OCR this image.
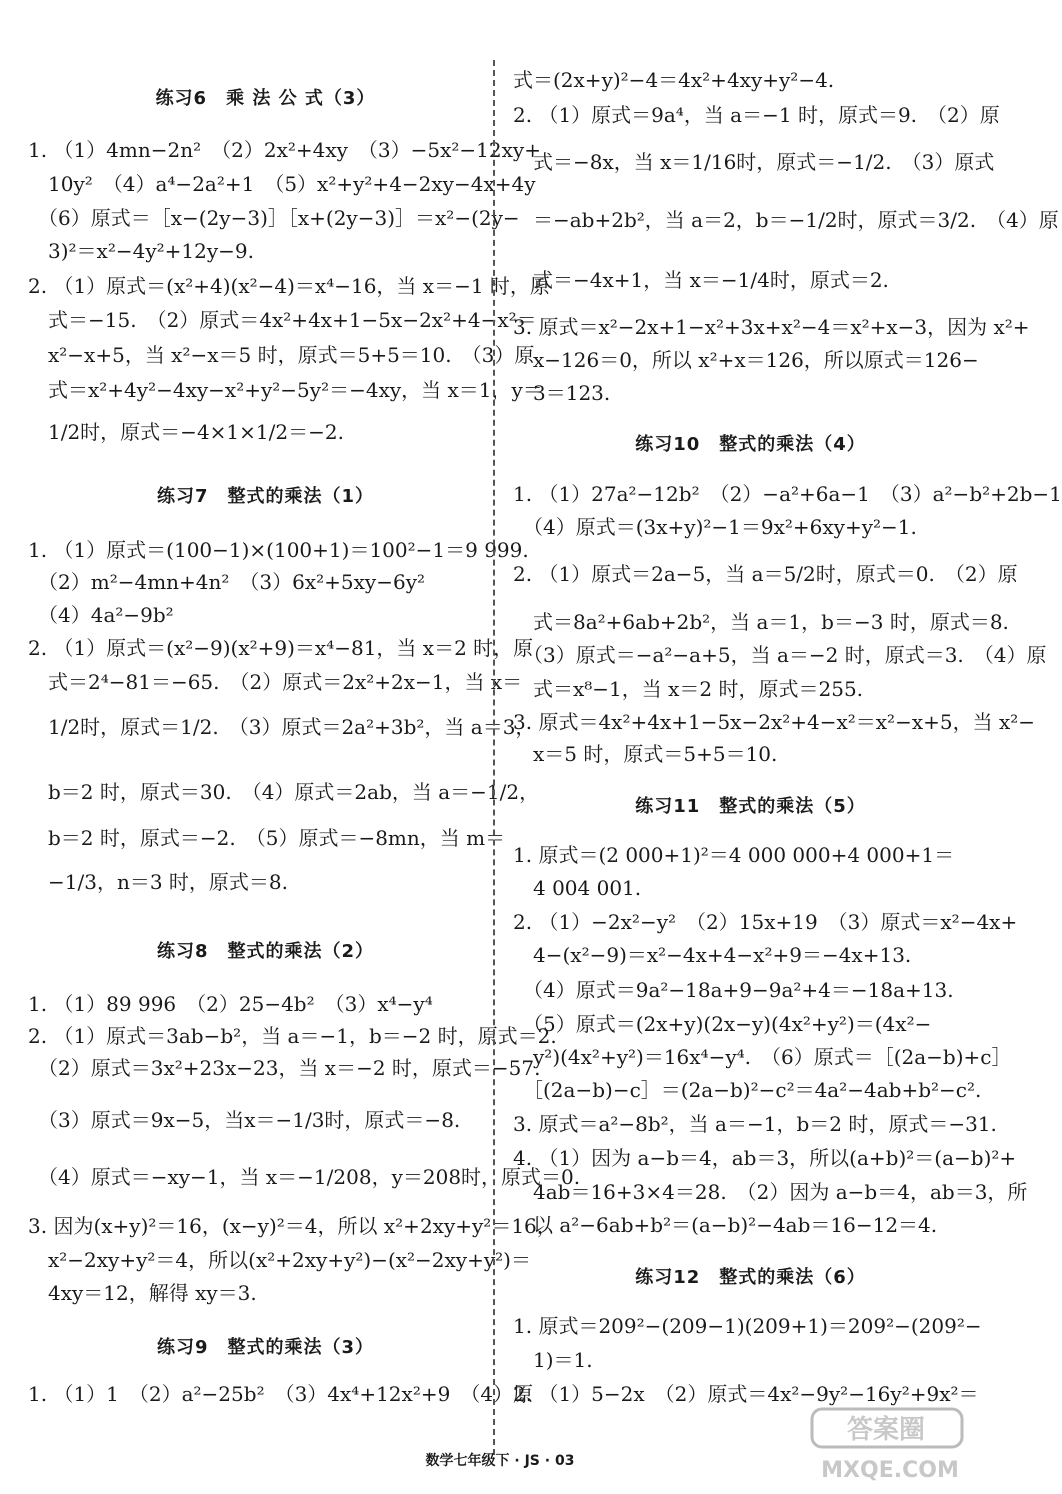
练习6　乘 法 公 式（3）
1. （1）4mn−2n²　（2）2x²+4xy　（3）−5x²−12xy+
　10y²　（4）a⁴−2a²+1　（5）x²+y²+4−2xy−4x+4y
　（6）原式＝［x−(2y−3)］［x+(2y−3)］＝x²−(2y−
　3)²＝x²−4y²+12y−9.
2. （1）原式＝(x²+4)(x²−4)＝x⁴−16，当 x＝−1 时，原
　式＝−15.　（2）原式＝4x²+4x+1−5x−2x²+4−x²＝
　x²−x+5，当 x²−x＝5 时，原式＝5+5＝10.　（3）原
　式＝x²+4y²−4xy−x²+y²−5y²＝−4xy，当 x＝1，y＝
　1/2时，原式＝−4×1×1/2＝−2.
练习7　整式的乘法（1）
1. （1）原式＝(100−1)×(100+1)＝100²−1＝9 999.
　（2）m²−4mn+4n²　（3）6x²+5xy−6y²
　（4）4a²−9b²
2. （1）原式＝(x²−9)(x²+9)＝x⁴−81，当 x＝2 时，原
　式＝2⁴−81＝−65.　（2）原式＝2x²+2x−1，当 x＝
　1/2时，原式＝1/2.　（3）原式＝2a²+3b²，当 a＝3，
　b＝2 时，原式＝30.　（4）原式＝2ab，当 a＝−1/2，
　b＝2 时，原式＝−2.　（5）原式＝−8mn，当 m＝
　−1/3，n＝3 时，原式＝8.
练习8　整式的乘法（2）
1. （1）89 996　（2）25−4b²　（3）x⁴−y⁴
2. （1）原式＝3ab−b²，当 a＝−1，b＝−2 时，原式＝2.
　（2）原式＝3x²+23x−23，当 x＝−2 时，原式＝−57.
　（3）原式＝9x−5，当x＝−1/3时，原式＝−8.
　（4）原式＝−xy−1，当 x＝−1/208，y＝208时，原式＝0.
3. 因为(x+y)²＝16，(x−y)²＝4，所以 x²+2xy+y²＝16，
　x²−2xy+y²＝4，所以(x²+2xy+y²)−(x²−2xy+y²)＝
　4xy＝12，解得 xy＝3.
练习9　整式的乘法（3）
1. （1）1　（2）a²−25b²　（3）4x⁴+12x²+9　（4）原
式＝(2x+y)²−4＝4x²+4xy+y²−4.
2. （1）原式＝9a⁴，当 a＝−1 时，原式＝9.　（2）原
　式＝−8x，当 x＝1/16时，原式＝−1/2.　（3）原式
　＝−ab+2b²，当 a＝2，b＝−1/2时，原式＝3/2.　（4）原
　式＝−4x+1，当 x＝−1/4时，原式＝2.
3. 原式＝x²−2x+1−x²+3x+x²−4＝x²+x−3，因为 x²+
　x−126＝0，所以 x²+x＝126，所以原式＝126−
　3＝123.
练习10　整式的乘法（4）
1. （1）27a²−12b²　（2）−a²+6a−1　（3）a²−b²+2b−1
　（4）原式＝(3x+y)²−1＝9x²+6xy+y²−1.
2. （1）原式＝2a−5，当 a＝5/2时，原式＝0.　（2）原
　式＝8a²+6ab+2b²，当 a＝1，b＝−3 时，原式＝8.
　（3）原式＝−a²−a+5，当 a＝−2 时，原式＝3.　（4）原
　式＝x⁸−1，当 x＝2 时，原式＝255.
3. 原式＝4x²+4x+1−5x−2x²+4−x²＝x²−x+5，当 x²−
　x＝5 时，原式＝5+5＝10.
练习11　整式的乘法（5）
1. 原式＝(2 000+1)²＝4 000 000+4 000+1＝
　4 004 001.
2. （1）−2x²−y²　（2）15x+19　（3）原式＝x²−4x+
　4−(x²−9)＝x²−4x+4−x²+9＝−4x+13.
　（4）原式＝9a²−18a+9−9a²+4＝−18a+13.
　（5）原式＝(2x+y)(2x−y)(4x²+y²)＝(4x²−
　y²)(4x²+y²)＝16x⁴−y⁴.　（6）原式＝［(2a−b)+c］
　［(2a−b)−c］＝(2a−b)²−c²＝4a²−4ab+b²−c².
3. 原式＝a²−8b²，当 a＝−1，b＝2 时，原式＝−31.
4. （1）因为 a−b＝4，ab＝3，所以(a+b)²＝(a−b)²+
　4ab＝16+3×4＝28.　（2）因为 a−b＝4，ab＝3，所
　以 a²−6ab+b²＝(a−b)²−4ab＝16−12＝4.
练习12　整式的乘法（6）
1. 原式＝209²−(209−1)(209+1)＝209²−(209²−
　1)＝1.
2. （1）5−2x　（2）原式＝4x²−9y²−16y²+9x²＝
数学七年级下 · JS · 03
答案圈
MXQE.COM
